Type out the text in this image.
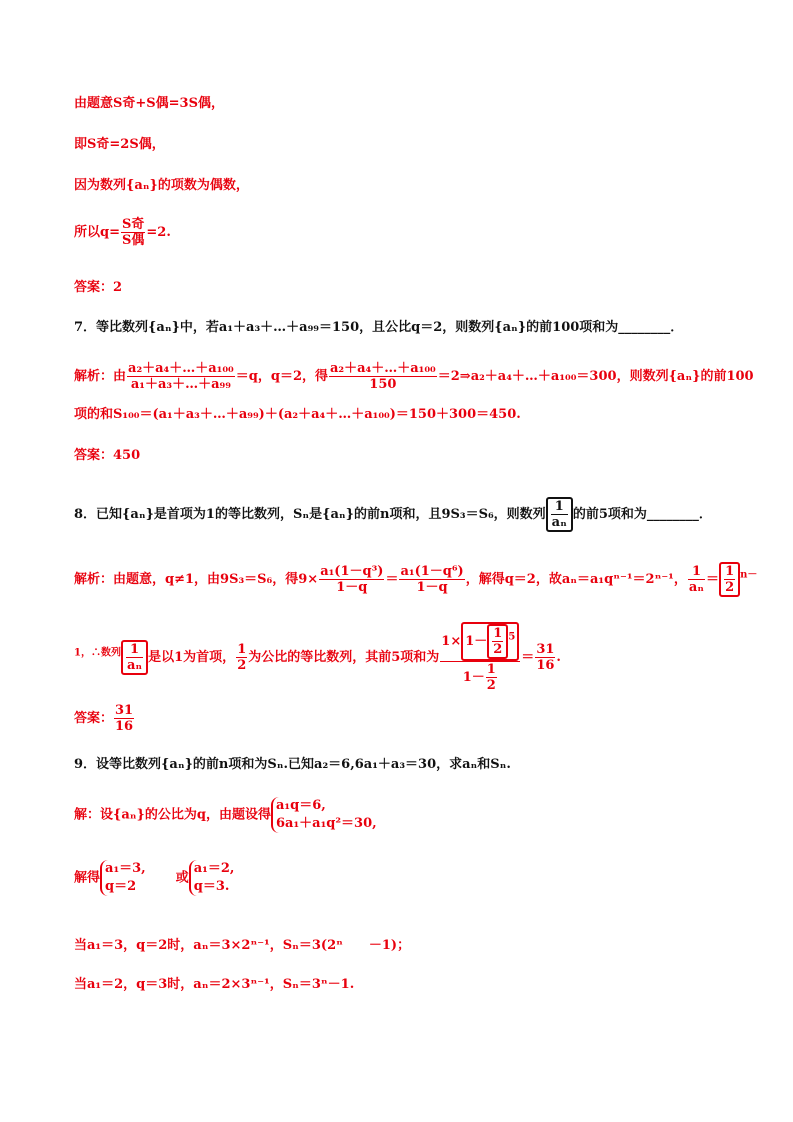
由题意S奇+S偶=3S偶，
即S奇=2S偶，
因为数列{aₙ}的项数为偶数，
所以$q= \frac{\text{S奇}}{\text{S偶}} =2$.
答案：2
7．等比数列{aₙ}中，若a₁＋a₃＋…＋a₉₉＝150，且公比q＝2，则数列{aₙ}的前100项和为________．
解析：由 $\frac{\text{a₂＋a₄＋…＋a₁₀₀}}{\text{a₁＋a₃＋…＋a₉₉}} =q$，q＝2，得 $\frac{\text{a₂＋a₄＋…＋a₁₀₀}}{150}$ ＝2⇒a₂＋a₄＋…＋a₁₀₀＝300，则数列{aₙ}的前100
项的和S₁₀₀＝(a₁＋a₃＋…＋a₉₉)＋(a₂＋a₄＋…＋a₁₀₀)＝150＋300＝450.
答案：450
8．已知{aₙ}是首项为1的等比数列，Sₙ是{aₙ}的前n项和，且9S₃＝S₆，则数列 $\frac{1}{\text{aₙ}}$ 的前5项和为________．
解析：由题意，q≠1，由9S₃＝S₆，得$9\times \frac{\text{a₁(1－q³)}}{1-q} = \frac{\text{a₁(1－q⁶)}}{1-q}$ ，解得q＝2，故aₙ＝a₁qⁿ⁻¹＝2ⁿ⁻¹， $\frac{1}{\text{aₙ}} = \frac{1}{2} ^{n-}$
$^{1,\therefore 数列} \frac{1}{\text{aₙ}}$ 是以1为首项， $\frac{1}{2}$ 为公比的等比数列，其前5项和为 $\frac{1\times 1- \frac{1}{2} ^5}{1- \frac{1}{2}} = \frac{31}{16}$ .
答案： $\frac{31}{16}$
9．设等比数列{aₙ}的前n项和为Sₙ.已知a₂＝6,6a₁＋a₃＝30，求aₙ和Sₙ.
解：设{aₙ}的公比为q，由题设得
a₁q＝6,
6a₁＋a₁q²＝30,
解得
a₁＝3,
q＝2
或
a₁＝2,
q＝3.
当a₁＝3，q＝2时，aₙ＝3×2ⁿ⁻¹，Sₙ＝3(2ⁿ　　－1)；
当a₁＝2，q＝3时，aₙ＝2×3ⁿ⁻¹，Sₙ＝3ⁿ－1.
